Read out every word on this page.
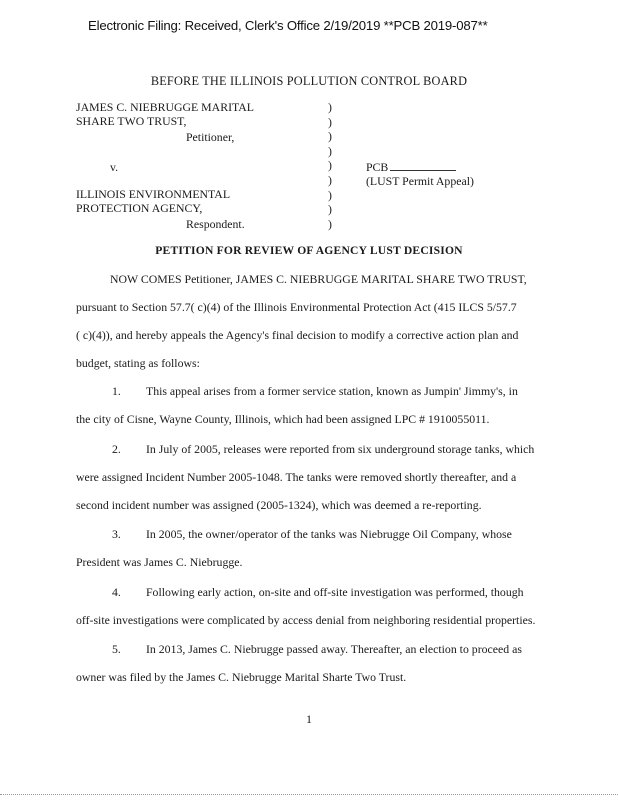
Electronic Filing: Received, Clerk's Office 2/19/2019 **PCB 2019-087**
BEFORE THE ILLINOIS POLLUTION CONTROL BOARD
JAMES C. NIEBRUGGE MARITAL
SHARE TWO TRUST,
Petitioner,
v.
ILLINOIS ENVIRONMENTAL
PROTECTION AGENCY,
Respondent.
)
)
)
)
)
)
)
)
)
PCB
(LUST Permit Appeal)
PETITION FOR REVIEW OF AGENCY LUST DECISION
NOW COMES Petitioner, JAMES C. NIEBRUGGE MARITAL SHARE TWO TRUST,
pursuant to Section 57.7( c)(4) of the Illinois Environmental Protection Act (415 ILCS 5/57.7
( c)(4)), and hereby appeals the Agency's final decision to modify a corrective action plan and
budget, stating as follows:
1. This appeal arises from a former service station, known as Jumpin' Jimmy's, in
the city of Cisne, Wayne County, Illinois, which had been assigned LPC # 1910055011.
2. In July of 2005, releases were reported from six underground storage tanks, which
were assigned Incident Number 2005-1048. The tanks were removed shortly thereafter, and a
second incident number was assigned (2005-1324), which was deemed a re-reporting.
3. In 2005, the owner/operator of the tanks was Niebrugge Oil Company, whose
President was James C. Niebrugge.
4. Following early action, on-site and off-site investigation was performed, though
off-site investigations were complicated by access denial from neighboring residential properties.
5. In 2013, James C. Niebrugge passed away. Thereafter, an election to proceed as
owner was filed by the James C. Niebrugge Marital Sharte Two Trust.
1
